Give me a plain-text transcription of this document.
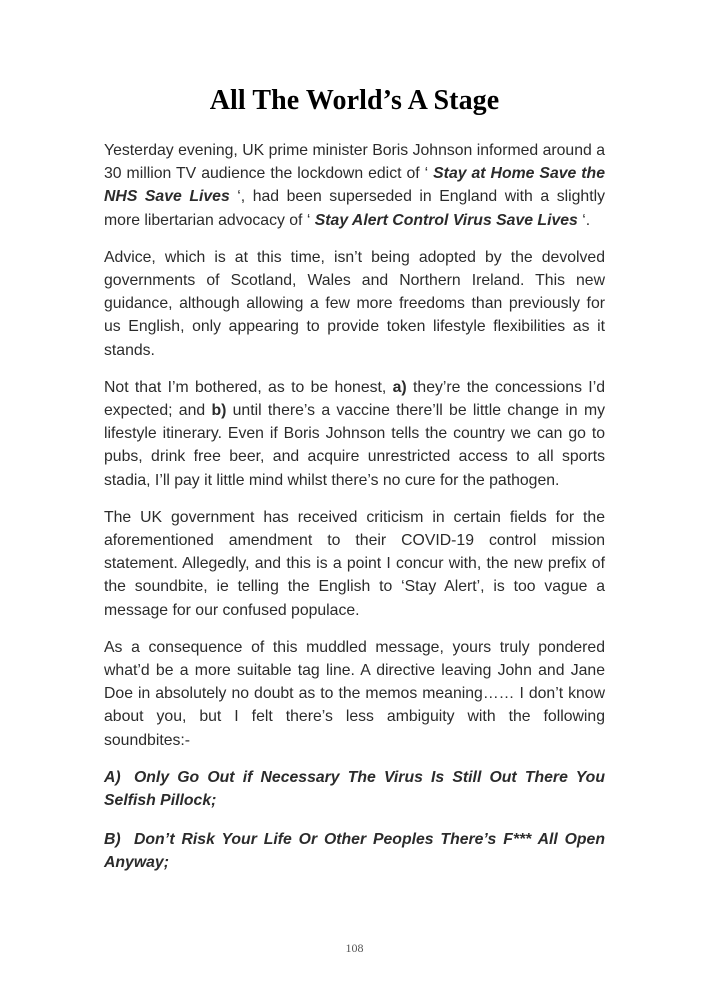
All The World’s A Stage

Yesterday evening, UK prime minister Boris Johnson informed around a 30 million TV audience the lockdown edict of ‘ Stay at Home Save the NHS Save Lives ‘, had been superseded in England with a slightly more libertarian advocacy of ‘ Stay Alert Control Virus Save Lives ‘.

Advice, which is at this time, isn’t being adopted by the devolved governments of Scotland, Wales and Northern Ireland. This new guidance, although allowing a few more freedoms than previously for us English, only appearing to provide token lifestyle flexibilities as it stands.

Not that I’m bothered, as to be honest, a) they’re the concessions I’d expected; and b) until there’s a vaccine there’ll be little change in my lifestyle itinerary. Even if Boris Johnson tells the country we can go to pubs, drink free beer, and acquire unrestricted access to all sports stadia, I’ll pay it little mind whilst there’s no cure for the pathogen.

The UK government has received criticism in certain fields for the aforementioned amendment to their COVID-19 control mission statement. Allegedly, and this is a point I concur with, the new prefix of the soundbite, ie telling the English to ‘Stay Alert’, is too vague a message for our confused populace.

As a consequence of this muddled message, yours truly pondered what’d be a more suitable tag line. A directive leaving John and Jane Doe in absolutely no doubt as to the memos meaning…… I don’t know about you, but I felt there’s less ambiguity with the following soundbites:-

A) Only Go Out if Necessary The Virus Is Still Out There You Selfish Pillock;

B) Don’t Risk Your Life Or Other Peoples There’s F*** All Open Anyway;

108
